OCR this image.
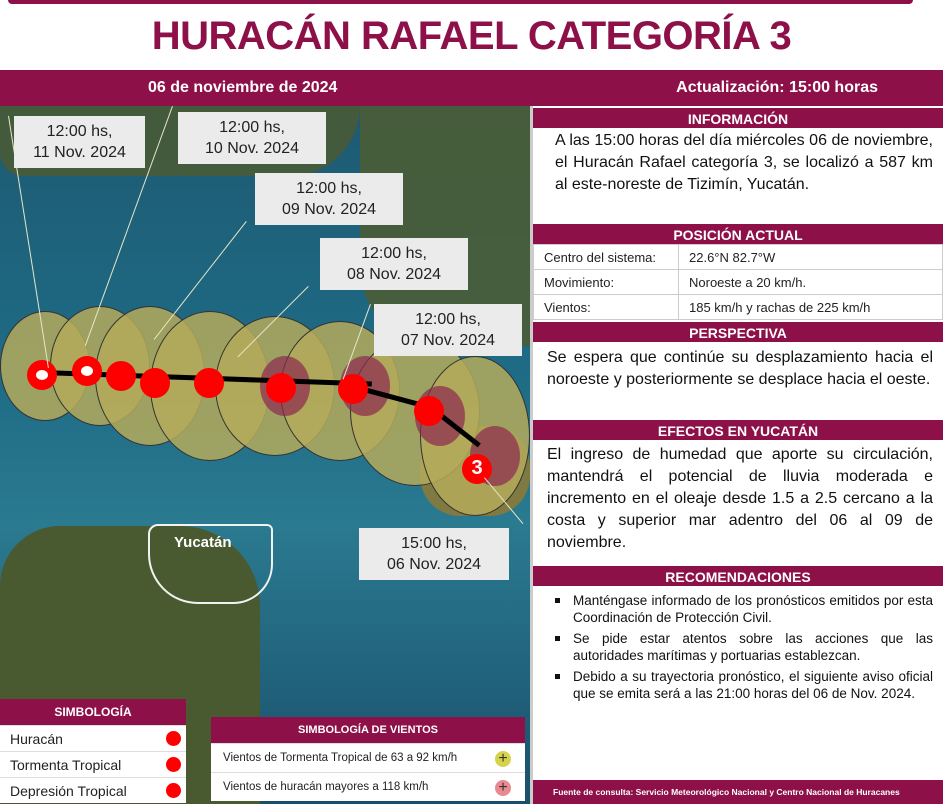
HURACÁN RAFAEL CATEGORÍA 3
06 de noviembre de 2024	Actualización: 15:00 horas
Yucatán
3
12:00 hs,
11 Nov. 2024
12:00 hs,
10 Nov. 2024
12:00 hs,
09 Nov. 2024
12:00 hs,
08 Nov. 2024
12:00 hs,
07 Nov. 2024
15:00 hs,
06 Nov. 2024
SIMBOLOGÍA
Huracán
Tormenta Tropical
Depresión Tropical
SIMBOLOGÍA DE VIENTOS
Vientos de Tormenta Tropical de 63 a 92 km/h	+
Vientos de huracán mayores a 118 km/h	+
INFORMACIÓN
A las 15:00 horas del día miércoles 06 de noviembre, el Huracán Rafael categoría 3, se localizó a 587 km al este-noreste de Tizimín, Yucatán.
POSICIÓN ACTUAL
Centro del sistema:	22.6°N 82.7°W
Movimiento:	Noroeste a 20 km/h.
Vientos:	185 km/h y rachas de 225 km/h
PERSPECTIVA
Se espera que continúe su desplazamiento hacia el noroeste y posteriormente se desplace hacia el oeste.
EFECTOS EN YUCATÁN
El ingreso de humedad que aporte su circulación, mantendrá el potencial de lluvia moderada e incremento en el oleaje desde 1.5 a 2.5 cercano a la costa y superior mar adentro del 06 al 09 de noviembre.
RECOMENDACIONES
Manténgase informado de los pronósticos emitidos por esta Coordinación de Protección Civil.
Se pide estar atentos sobre las acciones que las autoridades marítimas y portuarias establezcan.
Debido a su trayectoria pronóstico, el siguiente aviso oficial que se emita será a las 21:00 horas del 06 de Nov. 2024.
Fuente de consulta: Servicio Meteorológico Nacional y Centro Nacional de Huracanes
